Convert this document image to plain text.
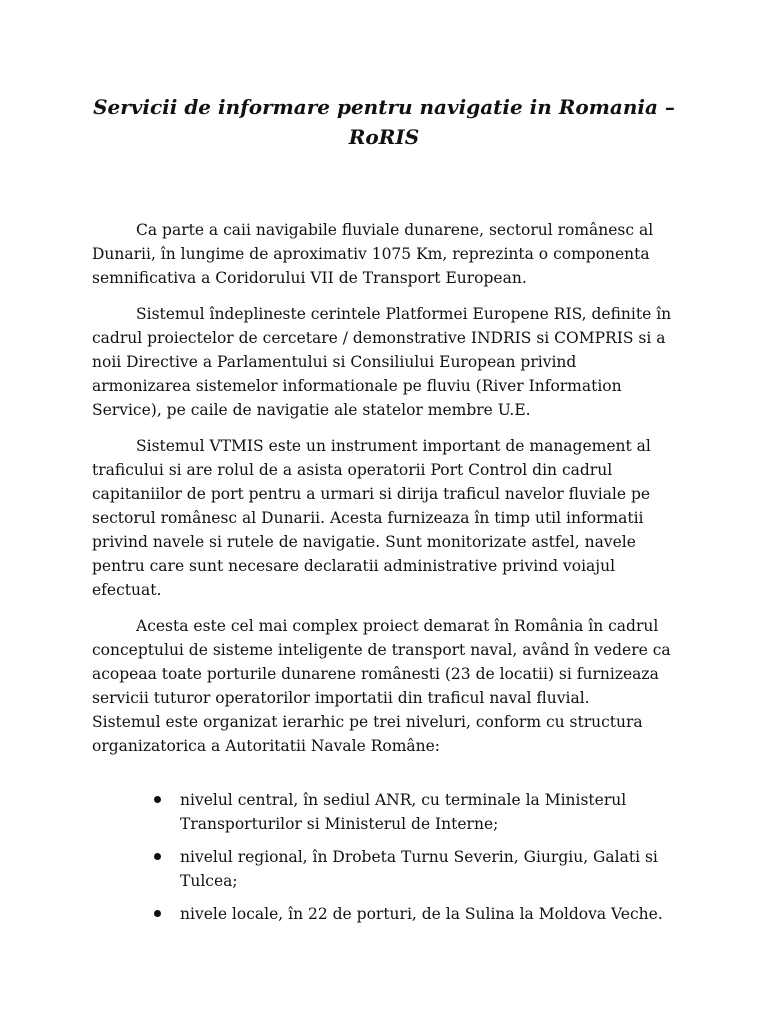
Servicii de informare pentru navigatie in Romania – RoRIS

Ca parte a caii navigabile fluviale dunarene, sectorul românesc al Dunarii, în lungime de aproximativ 1075 Km, reprezinta o componenta semnificativa a Coridorului VII de Transport European.

Sistemul îndeplineste cerintele Platformei Europene RIS, definite în cadrul proiectelor de cercetare / demonstrative INDRIS si COMPRIS si a noii Directive a Parlamentului si Consiliului European privind armonizarea sistemelor informationale pe fluviu (River Information Service), pe caile de navigatie ale statelor membre U.E.

Sistemul VTMIS este un instrument important de management al traficului si are rolul de a asista operatorii Port Control din cadrul capitaniilor de port pentru a urmari si dirija traficul navelor fluviale pe sectorul românesc al Dunarii. Acesta furnizeaza în timp util informatii privind navele si rutele de navigatie. Sunt monitorizate astfel, navele pentru care sunt necesare declaratii administrative privind voiajul efectuat.

Acesta este cel mai complex proiect demarat în România în cadrul conceptului de sisteme inteligente de transport naval, având în vedere ca acopeaa toate porturile dunarene românesti (23 de locatii) si furnizeaza servicii tuturor operatorilor importatii din traficul naval fluvial.

Sistemul este organizat ierarhic pe trei niveluri, conform cu structura organizatorica a Autoritatii Navale Române:

nivelul central, în sediul ANR, cu terminale la Ministerul Transporturilor si Ministerul de Interne;
nivelul regional, în Drobeta Turnu Severin, Giurgiu, Galati si Tulcea;
nivele locale, în 22 de porturi, de la Sulina la Moldova Veche.
